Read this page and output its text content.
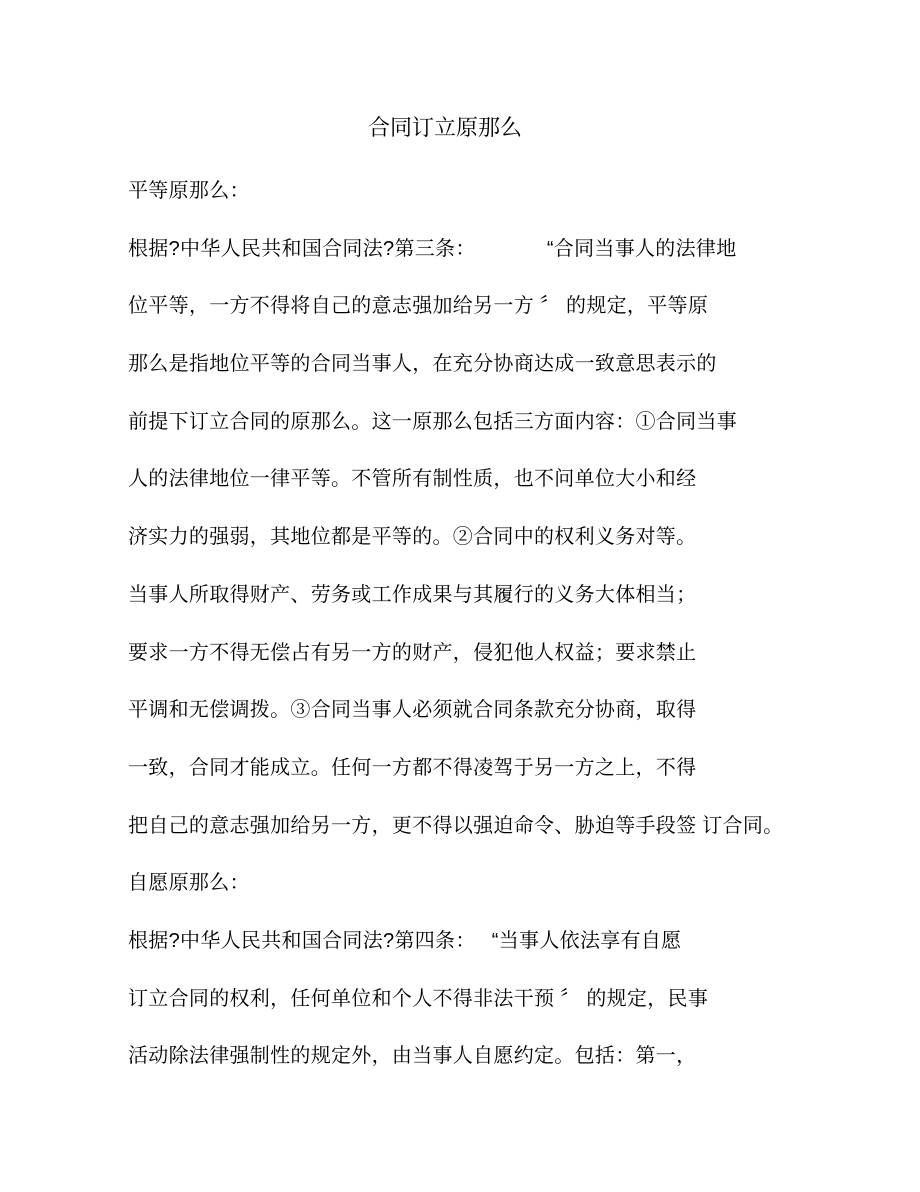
合同订立原那么
平等原那么：
根据?中华人民共和国合同法?第三条：　　　　“合同当事人的法律地
位平等，一方不得将自己的意志强加给另一方 〞 的规定，平等原
那么是指地位平等的合同当事人，在充分协商达成一致意思表示的
前提下订立合同的原那么。这一原那么包括三方面内容：①合同当事
人的法律地位一律平等。不管所有制性质，也不问单位大小和经
济实力的强弱，其地位都是平等的。②合同中的权利义务对等。
当事人所取得财产、劳务或工作成果与其履行的义务大体相当；
要求一方不得无偿占有另一方的财产，侵犯他人权益；要求禁止
平调和无偿调拨。③合同当事人必须就合同条款充分协商，取得
一致，合同才能成立。任何一方都不得凌驾于另一方之上，不得
把自己的意志强加给另一方，更不得以强迫命令、胁迫等手段签 订合同。
自愿原那么：
根据?中华人民共和国合同法?第四条：　 “当事人依法享有自愿
订立合同的权利，任何单位和个人不得非法干预 〞 的规定，民事
活动除法律强制性的规定外，由当事人自愿约定。包括：第一，
